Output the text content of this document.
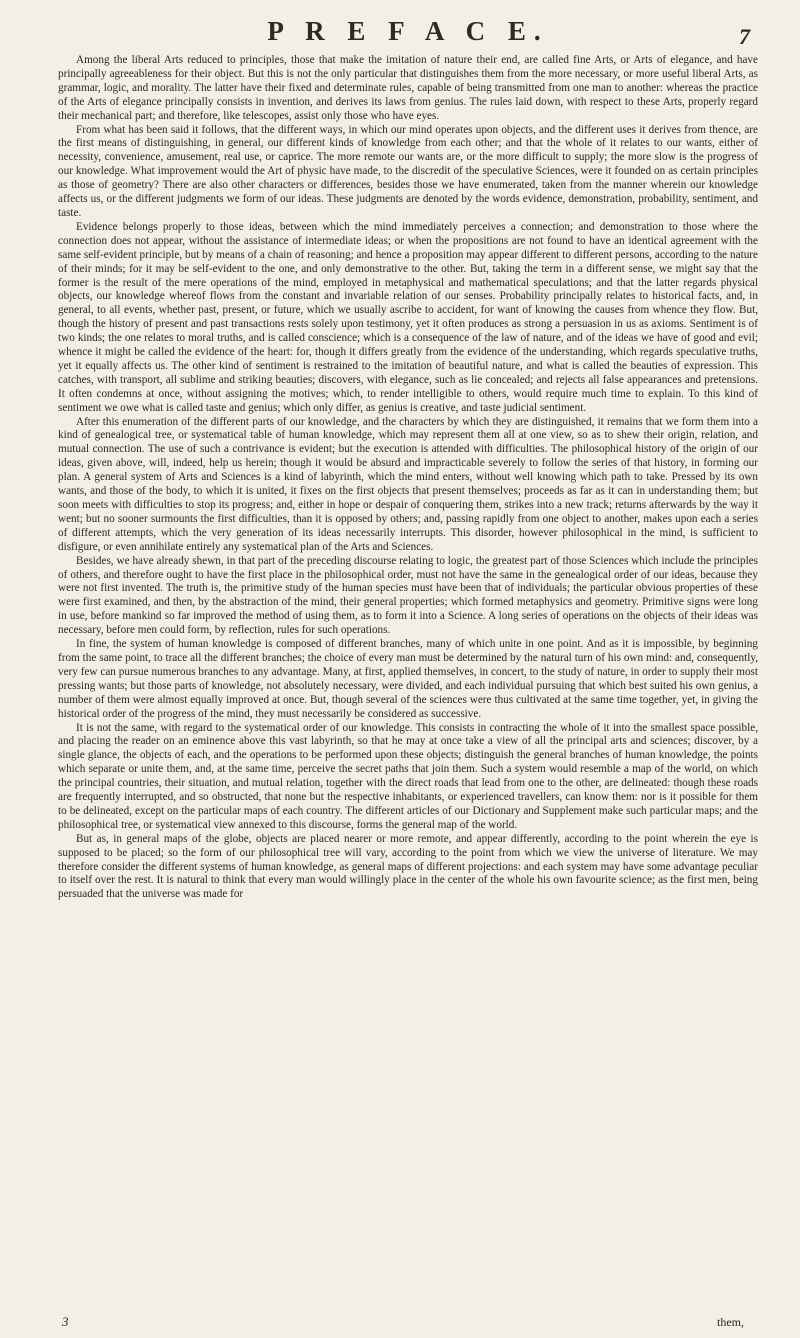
P R E F A C E.	7

Among the liberal Arts reduced to principles, those that make the imitation of nature their end, are called fine Arts, or Arts of elegance, and have principally agreeableness for their object. But this is not the only particular that distinguishes them from the more necessary, or more useful liberal Arts, as grammar, logic, and morality. The latter have their fixed and determinate rules, capable of being transmitted from one man to another: whereas the practice of the Arts of elegance principally consists in invention, and derives its laws from genius. The rules laid down, with respect to these Arts, properly regard their mechanical part; and therefore, like telescopes, assist only those who have eyes.

From what has been said it follows, that the different ways, in which our mind operates upon objects, and the different uses it derives from thence, are the first means of distinguishing, in general, our different kinds of knowledge from each other; and that the whole of it relates to our wants, either of necessity, convenience, amusement, real use, or caprice. The more remote our wants are, or the more difficult to supply; the more slow is the progress of our knowledge. What improvement would the Art of physic have made, to the discredit of the speculative Sciences, were it founded on as certain principles as those of geometry? There are also other characters or differences, besides those we have enumerated, taken from the manner wherein our knowledge affects us, or the different judgments we form of our ideas. These judgments are denoted by the words evidence, demonstration, probability, sentiment, and taste.

Evidence belongs properly to those ideas, between which the mind immediately perceives a connection; and demonstration to those where the connection does not appear, without the assistance of intermediate ideas; or when the propositions are not found to have an identical agreement with the same self-evident principle, but by means of a chain of reasoning; and hence a proposition may appear different to different persons, according to the nature of their minds; for it may be self-evident to the one, and only demonstrative to the other. But, taking the term in a different sense, we might say that the former is the result of the mere operations of the mind, employed in metaphysical and mathematical speculations; and that the latter regards physical objects, our knowledge whereof flows from the constant and invariable relation of our senses. Probability principally relates to historical facts, and, in general, to all events, whether past, present, or future, which we usually ascribe to accident, for want of knowing the causes from whence they flow. But, though the history of present and past transactions rests solely upon testimony, yet it often produces as strong a persuasion in us as axioms. Sentiment is of two kinds; the one relates to moral truths, and is called conscience; which is a consequence of the law of nature, and of the ideas we have of good and evil; whence it might be called the evidence of the heart: for, though it differs greatly from the evidence of the understanding, which regards speculative truths, yet it equally affects us. The other kind of sentiment is restrained to the imitation of beautiful nature, and what is called the beauties of expression. This catches, with transport, all sublime and striking beauties; discovers, with elegance, such as lie concealed; and rejects all false appearances and pretensions. It often condemns at once, without assigning the motives; which, to render intelligible to others, would require much time to explain. To this kind of sentiment we owe what is called taste and genius; which only differ, as genius is creative, and taste judicial sentiment.

After this enumeration of the different parts of our knowledge, and the characters by which they are distinguished, it remains that we form them into a kind of genealogical tree, or systematical table of human knowledge, which may represent them all at one view, so as to shew their origin, relation, and mutual connection. The use of such a contrivance is evident; but the execution is attended with difficulties. The philosophical history of the origin of our ideas, given above, will, indeed, help us herein; though it would be absurd and impracticable severely to follow the series of that history, in forming our plan. A general system of Arts and Sciences is a kind of labyrinth, which the mind enters, without well knowing which path to take. Pressed by its own wants, and those of the body, to which it is united, it fixes on the first objects that present themselves; proceeds as far as it can in understanding them; but soon meets with difficulties to stop its progress; and, either in hope or despair of conquering them, strikes into a new track; returns afterwards by the way it went; but no sooner surmounts the first difficulties, than it is opposed by others; and, passing rapidly from one object to another, makes upon each a series of different attempts, which the very generation of its ideas necessarily interrupts. This disorder, however philosophical in the mind, is sufficient to disfigure, or even annihilate entirely any systematical plan of the Arts and Sciences.

Besides, we have already shewn, in that part of the preceding discourse relating to logic, the greatest part of those Sciences which include the principles of others, and therefore ought to have the first place in the philosophical order, must not have the same in the genealogical order of our ideas, because they were not first invented. The truth is, the primitive study of the human species must have been that of individuals; the particular obvious properties of these were first examined, and then, by the abstraction of the mind, their general properties; which formed metaphysics and geometry. Primitive signs were long in use, before mankind so far improved the method of using them, as to form it into a Science. A long series of operations on the objects of their ideas was necessary, before men could form, by reflection, rules for such operations.

In fine, the system of human knowledge is composed of different branches, many of which unite in one point. And as it is impossible, by beginning from the same point, to trace all the different branches; the choice of every man must be determined by the natural turn of his own mind: and, consequently, very few can pursue numerous branches to any advantage. Many, at first, applied themselves, in concert, to the study of nature, in order to supply their most pressing wants; but those parts of knowledge, not absolutely necessary, were divided, and each individual pursuing that which best suited his own genius, a number of them were almost equally improved at once. But, though several of the sciences were thus cultivated at the same time together, yet, in giving the historical order of the progress of the mind, they must necessarily be considered as successive.

It is not the same, with regard to the systematical order of our knowledge. This consists in contracting the whole of it into the smallest space possible, and placing the reader on an eminence above this vast labyrinth, so that he may at once take a view of all the principal arts and sciences; discover, by a single glance, the objects of each, and the operations to be performed upon these objects; distinguish the general branches of human knowledge, the points which separate or unite them, and, at the same time, perceive the secret paths that join them. Such a system would resemble a map of the world, on which the principal countries, their situation, and mutual relation, together with the direct roads that lead from one to the other, are delineated: though these roads are frequently interrupted, and so obstructed, that none but the respective inhabitants, or experienced travellers, can know them: nor is it possible for them to be delineated, except on the particular maps of each country. The different articles of our Dictionary and Supplement make such particular maps; and the philosophical tree, or systematical view annexed to this discourse, forms the general map of the world.

But as, in general maps of the globe, objects are placed nearer or more remote, and appear differently, according to the point wherein the eye is supposed to be placed; so the form of our philosophical tree will vary, according to the point from which we view the universe of literature. We may therefore consider the different systems of human knowledge, as general maps of different projections: and each system may have some advantage peculiar to itself over the rest. It is natural to think that every man would willingly place in the center of the whole his own favourite science; as the first men, being persuaded that the universe was made for

3	them,
